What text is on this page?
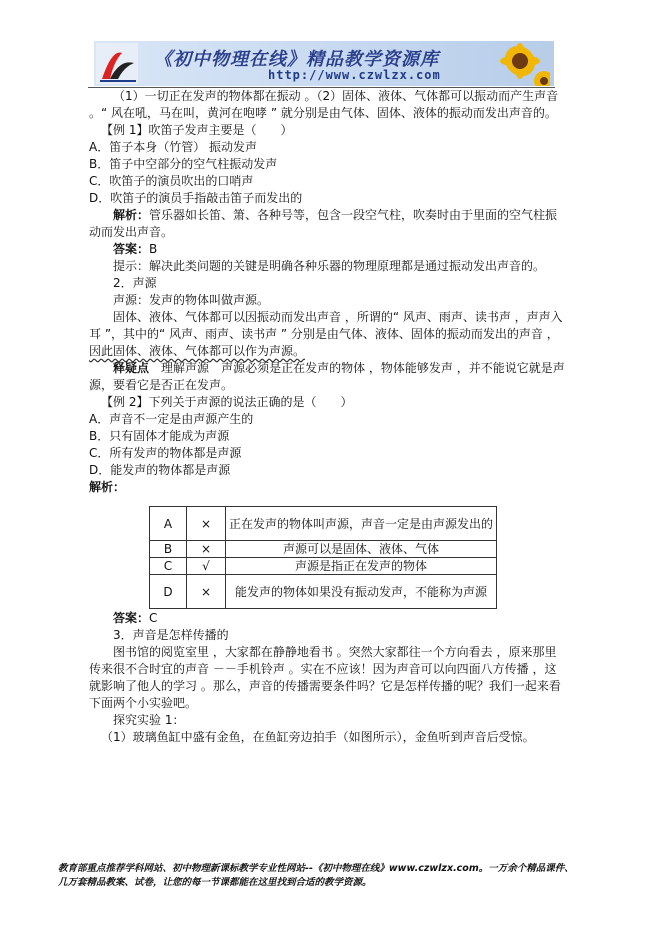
《初中物理在线》精品教学资源库
http://www.czwlzx.com

（1）一切正在发声的物体都在振动 。（2）固体、液体、气体都可以振动而产生声音 。“ 风在吼，马在叫，黄河在咆哮 ” 就分别是由气体、固体、液体的振动而发出声音的。

【例 1】吹笛子发声主要是（　　）

A．笛子本身（竹管） 振动发声

B．笛子中空部分的空气柱振动发声

C．吹笛子的演员吹出的口哨声

D．吹笛子的演员手指敲击笛子而发出的

解析：管乐器如长笛、箫、各种号等，包含一段空气柱，吹奏时由于里面的空气柱振动而发出声音。

答案：B

提示：解决此类问题的关键是明确各种乐器的物理原理都是通过振动发出声音的。

2．声源

声源：发声的物体叫做声源。

固体、液体、气体都可以因振动而发出声音 ，所谓的“ 风声、雨声、读书声 ，声声入耳 ”，其中的“ 风声、雨声、读书声 ” 分别是由气体、液体、固体的振动而发出的声音 ，因此固体、液体、气体都可以作为声源。

释疑点　 理解声源　 声源必须是正在发声的物体 ，物体能够发声 ，并不能说它就是声源，要看它是否正在发声。

【例 2】下列关于声源的说法正确的是（　　）

A．声音不一定是由声源产生的

B．只有固体才能成为声源

C．所有发声的物体都是声源

D．能发声的物体都是声源

解析：

A	×	正在发声的物体叫声源，声音一定是由声源发出的
B	×	声源可以是固体、液体、气体
C	√	声源是指正在发声的物体
D	×	能发声的物体如果没有振动发声，不能称为声源

答案：C

3．声音是怎样传播的

图书馆的阅览室里 ，大家都在静静地看书 。突然大家都往一个方向看去 ，原来那里传来很不合时宜的声音 －－手机铃声 。实在不应该！因为声音可以向四面八方传播 ，这就影响了他人的学习 。那么，声音的传播需要条件吗？它是怎样传播的呢？我们一起来看下面两个小实验吧。

探究实验 1：

（1）玻璃鱼缸中盛有金鱼，在鱼缸旁边拍手（如图所示），金鱼听到声音后受惊。

教育部重点推荐学科网站、初中物理新课标教学专业性网站--《初中物理在线》www.czwlzx.com。一万余个精品课件、
几万套精品教案、试卷，让您的每一节课都能在这里找到合适的教学资源。
